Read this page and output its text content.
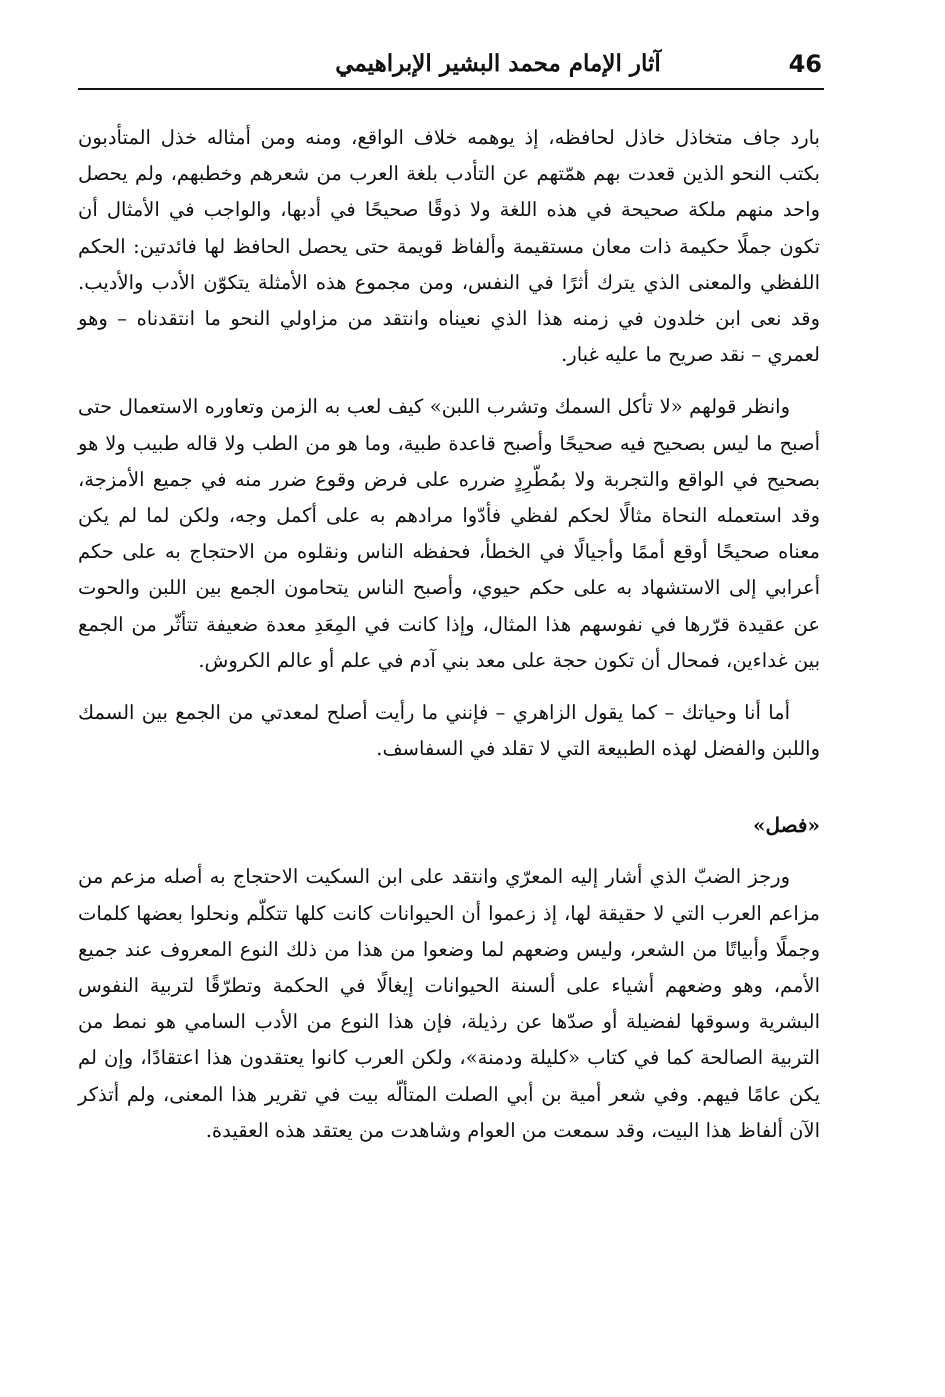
46
آثار الإمام محمد البشير الإبراهيمي

بارد جاف متخاذل خاذل لحافظه، إذ يوهمه خلاف الواقع، ومنه ومن أمثاله خذل المتأدبون بكتب النحو الذين قعدت بهم همّتهم عن التأدب بلغة العرب من شعرهم وخطبهم، ولم يحصل واحد منهم ملكة صحيحة في هذه اللغة ولا ذوقًا صحيحًا في أدبها، والواجب في الأمثال أن تكون جملًا حكيمة ذات معان مستقيمة وألفاظ قويمة حتى يحصل الحافظ لها فائدتين: الحكم اللفظي والمعنى الذي يترك أثرًا في النفس، ومن مجموع هذه الأمثلة يتكوّن الأدب والأديب. وقد نعى ابن خلدون في زمنه هذا الذي نعيناه وانتقد من مزاولي النحو ما انتقدناه – وهو لعمري – نقد صريح ما عليه غبار.

وانظر قولهم «لا تأكل السمك وتشرب اللبن» كيف لعب به الزمن وتعاوره الاستعمال حتى أصبح ما ليس بصحيح فيه صحيحًا وأصبح قاعدة طبية، وما هو من الطب ولا قاله طبيب ولا هو بصحيح في الواقع والتجربة ولا بمُطّرِدٍ ضرره على فرض وقوع ضرر منه في جميع الأمزجة، وقد استعمله النحاة مثالًا لحكم لفظي فأدّوا مرادهم به على أكمل وجه، ولكن لما لم يكن معناه صحيحًا أوقع أممًا وأجيالًا في الخطأ، فحفظه الناس ونقلوه من الاحتجاج به على حكم أعرابي إلى الاستشهاد به على حكم حيوي، وأصبح الناس يتحامون الجمع بين اللبن والحوت عن عقيدة قرّرها في نفوسهم هذا المثال، وإذا كانت في المِعَدِ معدة ضعيفة تتأثّر من الجمع بين غداءين، فمحال أن تكون حجة على معد بني آدم في علم أو عالم الكروش.

أما أنا وحياتك – كما يقول الزاهري – فإنني ما رأيت أصلح لمعدتي من الجمع بين السمك واللبن والفضل لهذه الطبيعة التي لا تقلد في السفاسف.

«فصل»

ورجز الضبّ الذي أشار إليه المعرّي وانتقد على ابن السكيت الاحتجاج به أصله مزعم من مزاعم العرب التي لا حقيقة لها، إذ زعموا أن الحيوانات كانت كلها تتكلّم ونحلوا بعضها كلمات وجملًا وأبياتًا من الشعر، وليس وضعهم لما وضعوا من هذا من ذلك النوع المعروف عند جميع الأمم، وهو وضعهم أشياء على ألسنة الحيوانات إيغالًا في الحكمة وتطرّقًا لتربية النفوس البشرية وسوقها لفضيلة أو صدّها عن رذيلة، فإن هذا النوع من الأدب السامي هو نمط من التربية الصالحة كما في كتاب «كليلة ودمنة»، ولكن العرب كانوا يعتقدون هذا اعتقادًا، وإن لم يكن عامًا فيهم. وفي شعر أمية بن أبي الصلت المتألّه بيت في تقرير هذا المعنى، ولم أتذكر الآن ألفاظ هذا البيت، وقد سمعت من العوام وشاهدت من يعتقد هذه العقيدة.
